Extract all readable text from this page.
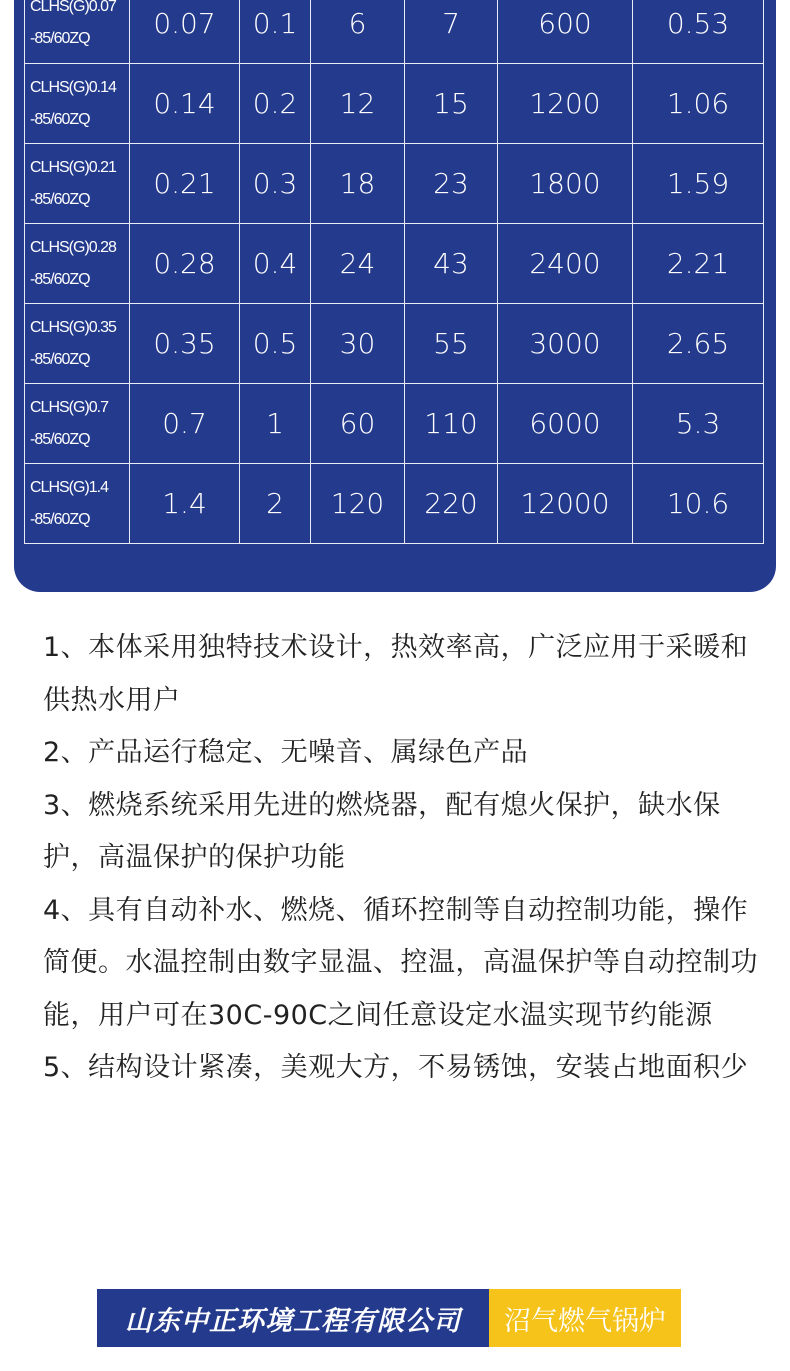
CLHS(G)0.07
-85/60ZQ	0.07	0.1	6	7	600	0.53

CLHS(G)0.14
-85/60ZQ	0.14	0.2	12	15	1200	1.06

CLHS(G)0.21
-85/60ZQ	0.21	0.3	18	23	1800	1.59

CLHS(G)0.28
-85/60ZQ	0.28	0.4	24	43	2400	2.21

CLHS(G)0.35
-85/60ZQ	0.35	0.5	30	55	3000	2.65

CLHS(G)0.7
-85/60ZQ	0.7	1	60	110	6000	5.3

CLHS(G)1.4
-85/60ZQ	1.4	2	120	220	12000	10.6

1、本体采用独特技术设计，热效率高，广泛应用于采暖和供热水用户

2、产品运行稳定、无噪音、属绿色产品

3、燃烧系统采用先进的燃烧器，配有熄火保护，缺水保护，高温保护的保护功能

4、具有自动补水、燃烧、循环控制等自动控制功能，操作简便。水温控制由数字显温、控温，高温保护等自动控制功能，用户可在30C-90C之间任意设定水温实现节约能源

5、结构设计紧凑，美观大方，不易锈蚀，安装占地面积少

山东中正环境工程有限公司	沼气燃气锅炉
